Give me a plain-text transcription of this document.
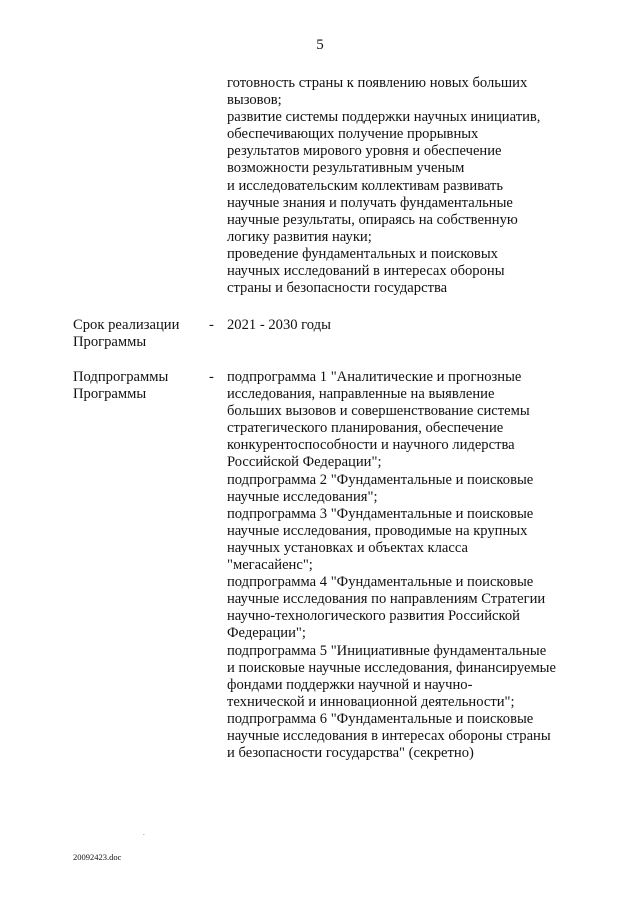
5
готовность страны к появлению новых больших
вызовов;
развитие системы поддержки научных инициатив,
обеспечивающих получение прорывных
результатов мирового уровня и обеспечение
возможности результативным ученым
и исследовательским коллективам развивать
научные знания и получать фундаментальные
научные результаты, опираясь на собственную
логику развития науки;
проведение фундаментальных и поисковых
научных исследований в интересах обороны
страны и безопасности государства
Срок реализации
Программы
- 2021 - 2030 годы
Подпрограммы
Программы
- подпрограмма 1 "Аналитические и прогнозные
исследования, направленные на выявление
больших вызовов и совершенствование системы
стратегического планирования, обеспечение
конкурентоспособности и научного лидерства
Российской Федерации";
подпрограмма 2 "Фундаментальные и поисковые
научные исследования";
подпрограмма 3 "Фундаментальные и поисковые
научные исследования, проводимые на крупных
научных установках и объектах класса
"мегасайенс";
подпрограмма 4 "Фундаментальные и поисковые
научные исследования по направлениям Стратегии
научно-технологического развития Российской
Федерации";
подпрограмма 5 "Инициативные фундаментальные
и поисковые научные исследования, финансируемые
фондами поддержки научной и научно-
технической и инновационной деятельности";
подпрограмма 6 "Фундаментальные и поисковые
научные исследования в интересах обороны страны
и безопасности государства" (секретно)
.
20092423.doc
